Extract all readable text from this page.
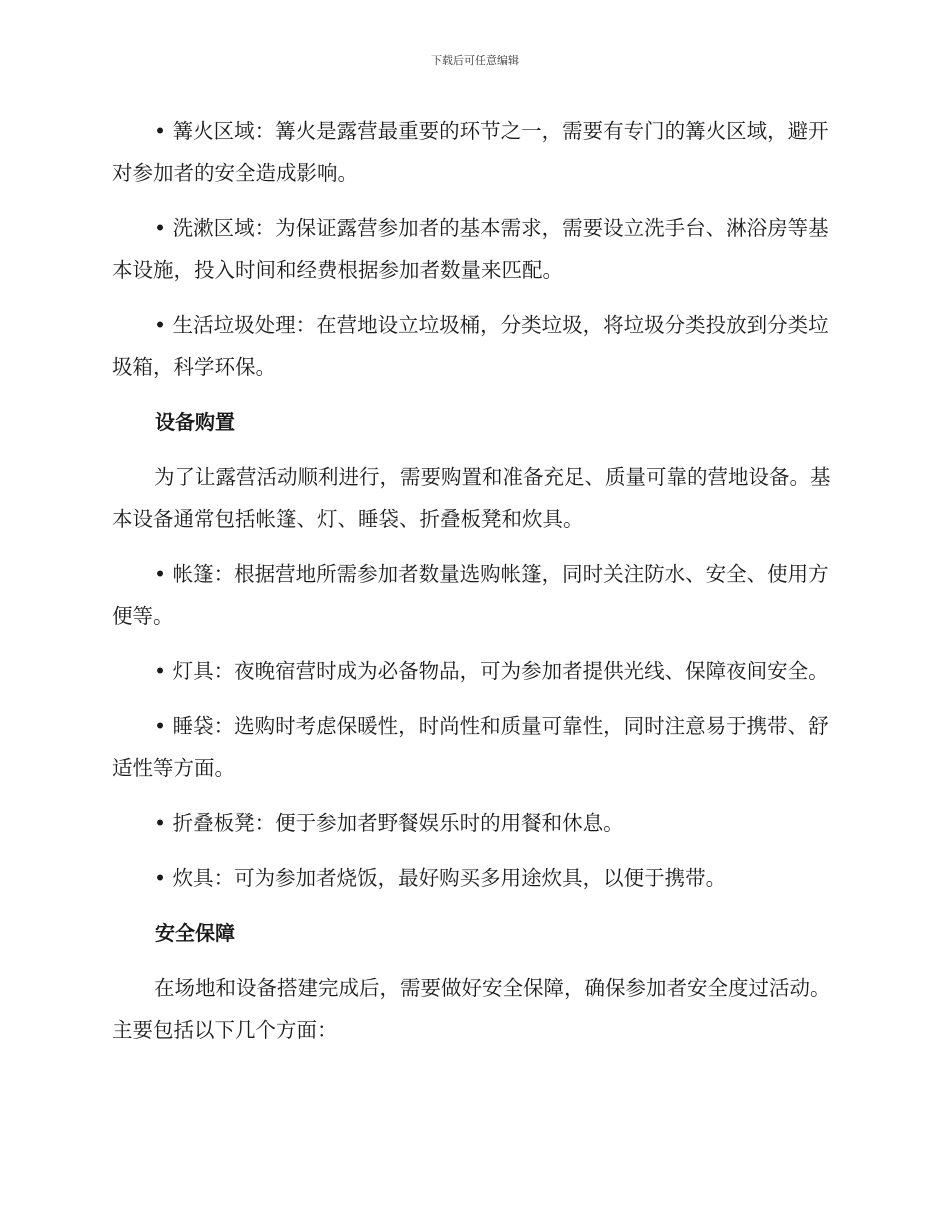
下载后可任意编辑

• 篝火区域：篝火是露营最重要的环节之一，需要有专门的篝火区域，避开对参加者的安全造成影响。

• 洗漱区域：为保证露营参加者的基本需求，需要设立洗手台、淋浴房等基本设施，投入时间和经费根据参加者数量来匹配。

• 生活垃圾处理：在营地设立垃圾桶，分类垃圾，将垃圾分类投放到分类垃圾箱，科学环保。

设备购置

为了让露营活动顺利进行，需要购置和准备充足、质量可靠的营地设备。基本设备通常包括帐篷、灯、睡袋、折叠板凳和炊具。

• 帐篷：根据营地所需参加者数量选购帐篷，同时关注防水、安全、使用方便等。

• 灯具：夜晚宿营时成为必备物品，可为参加者提供光线、保障夜间安全。

• 睡袋：选购时考虑保暖性，时尚性和质量可靠性，同时注意易于携带、舒适性等方面。

• 折叠板凳：便于参加者野餐娱乐时的用餐和休息。

• 炊具：可为参加者烧饭，最好购买多用途炊具，以便于携带。

安全保障

在场地和设备搭建完成后，需要做好安全保障，确保参加者安全度过活动。主要包括以下几个方面：
